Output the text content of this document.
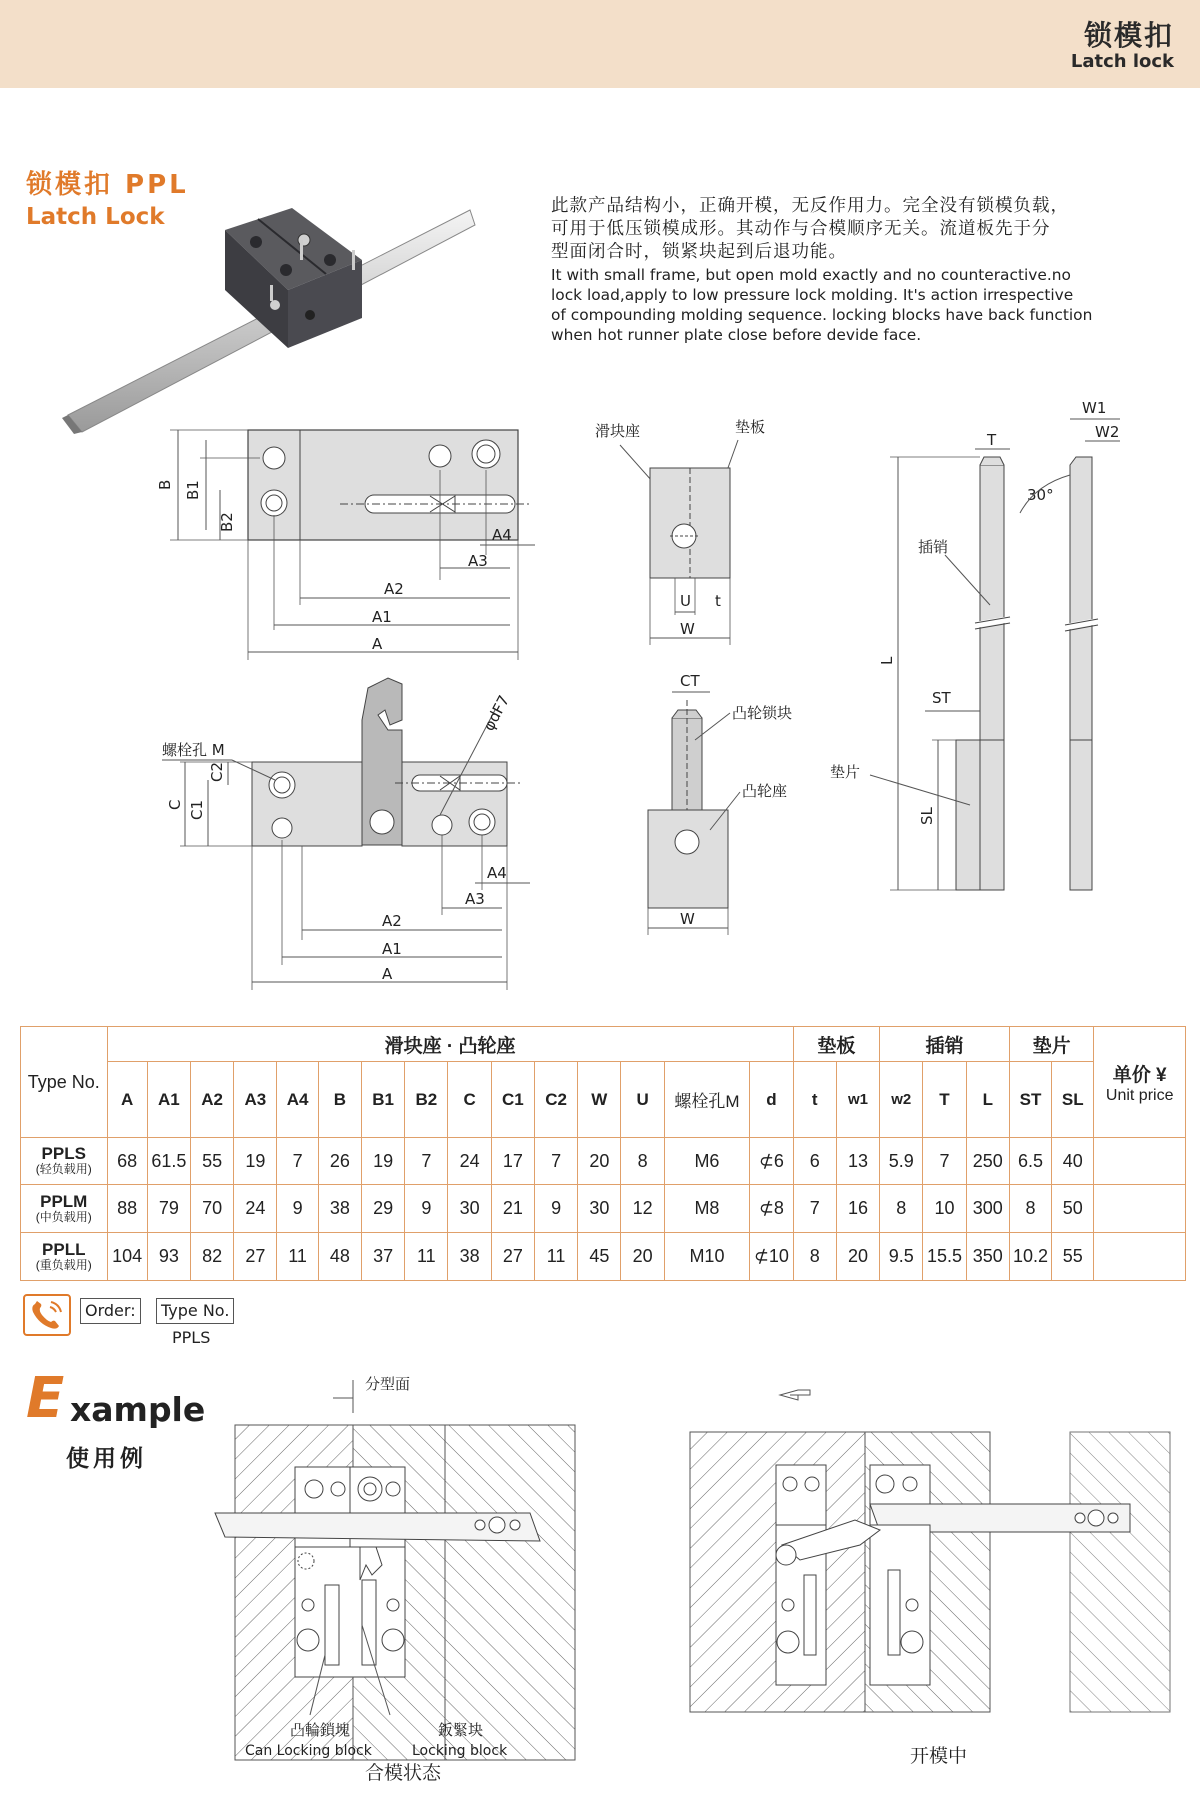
锁模扣
Latch lock
锁模扣 PPL
Latch Lock	此款产品结构小，正确开模，无反作用力。完全没有锁模负载，
可用于低压锁模成形。其动作与合模顺序无关。流道板先于分
型面闭合时，锁紧块起到后退功能。
It with small frame, but open mold exactly and no counteractive.no
lock load,apply to low pressure lock molding. It's action irrespective
of compounding molding sequence. locking blocks have back function
when hot runner plate close before devide face.
B B1
B2
A4
A3
A2
A1
A
φdF7
螺栓孔 M
C C1
C2
A4
A3
A2
A1
A
滑块座	垫板
U t
W
CT
凸轮锁块
凸轮座
W
W1
W2
T
30°
插销
L
ST
SL
垫片
Type No.	滑块座 · 凸轮座															垫板		插销			垫片		单价 ¥
Unit price

	A	A1	A2	A3	A4	B	B1	B2	C	C1	C2	W	U	螺栓孔M	d	t	w1	w2	T	L	ST	SL	

PPLS
(轻负载用)	68	61.5	55	19	7	26	19	7	24	17	7	20	8	M6	⊄6	6	13	5.9	7	250	6.5	40	

PPLM
(中负载用)	88	79	70	24	9	38	29	9	30	21	9	30	12	M8	⊄8	7	16	8	10	300	8	50	

PPLL
(重负载用)	104	93	82	27	11	48	37	11	38	27	11	45	20	M10	⊄10	8	20	9.5	15.5	350	10.2	55	
Order:	Type No.
PPLS
E xample
使用例
分型面
凸輪鎖塊	鈑緊块
Can Locking block	Locking block
合模状态
开模中
